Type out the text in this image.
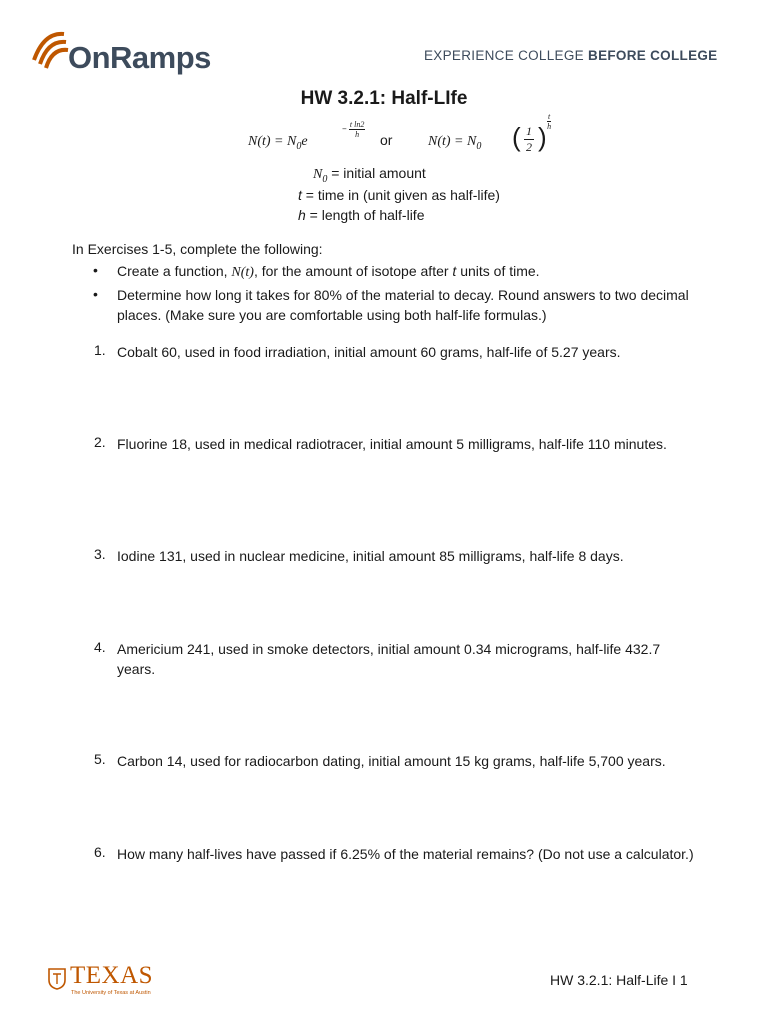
OnRamps	EXPERIENCE COLLEGE BEFORE COLLEGE
HW 3.2.1: Half-LIfe
$N(t) = N_0e$
− $\frac{\text{t ln2}}{h}$
or	$N(t) = N_0$ ( $\frac{1}{2}$ )
$\frac{t}{h}$
$N_0$ = initial amount
t = time in (unit given as half-life)
h = length of half-life
In Exercises 1-5, complete the following:
• Create a function, N(t), for the amount of isotope after t units of time.
• Determine how long it takes for 80% of the material to decay. Round answers to two decimal places. (Make sure you are comfortable using both half-life formulas.)
1. Cobalt 60, used in food irradiation, initial amount 60 grams, half-life of 5.27 years.
2. Fluorine 18, used in medical radiotracer, initial amount 5 milligrams, half-life 110 minutes.
3. Iodine 131, used in nuclear medicine, initial amount 85 milligrams, half-life 8 days.
4. Americium 241, used in smoke detectors, initial amount 0.34 micrograms, half-life 432.7 years.
5. Carbon 14, used for radiocarbon dating, initial amount 15 kg grams, half-life 5,700 years.
6. How many half-lives have passed if 6.25% of the material remains? (Do not use a calculator.)
TEXAS
The University of Texas at Austin
HW 3.2.1: Half-Life I 1
